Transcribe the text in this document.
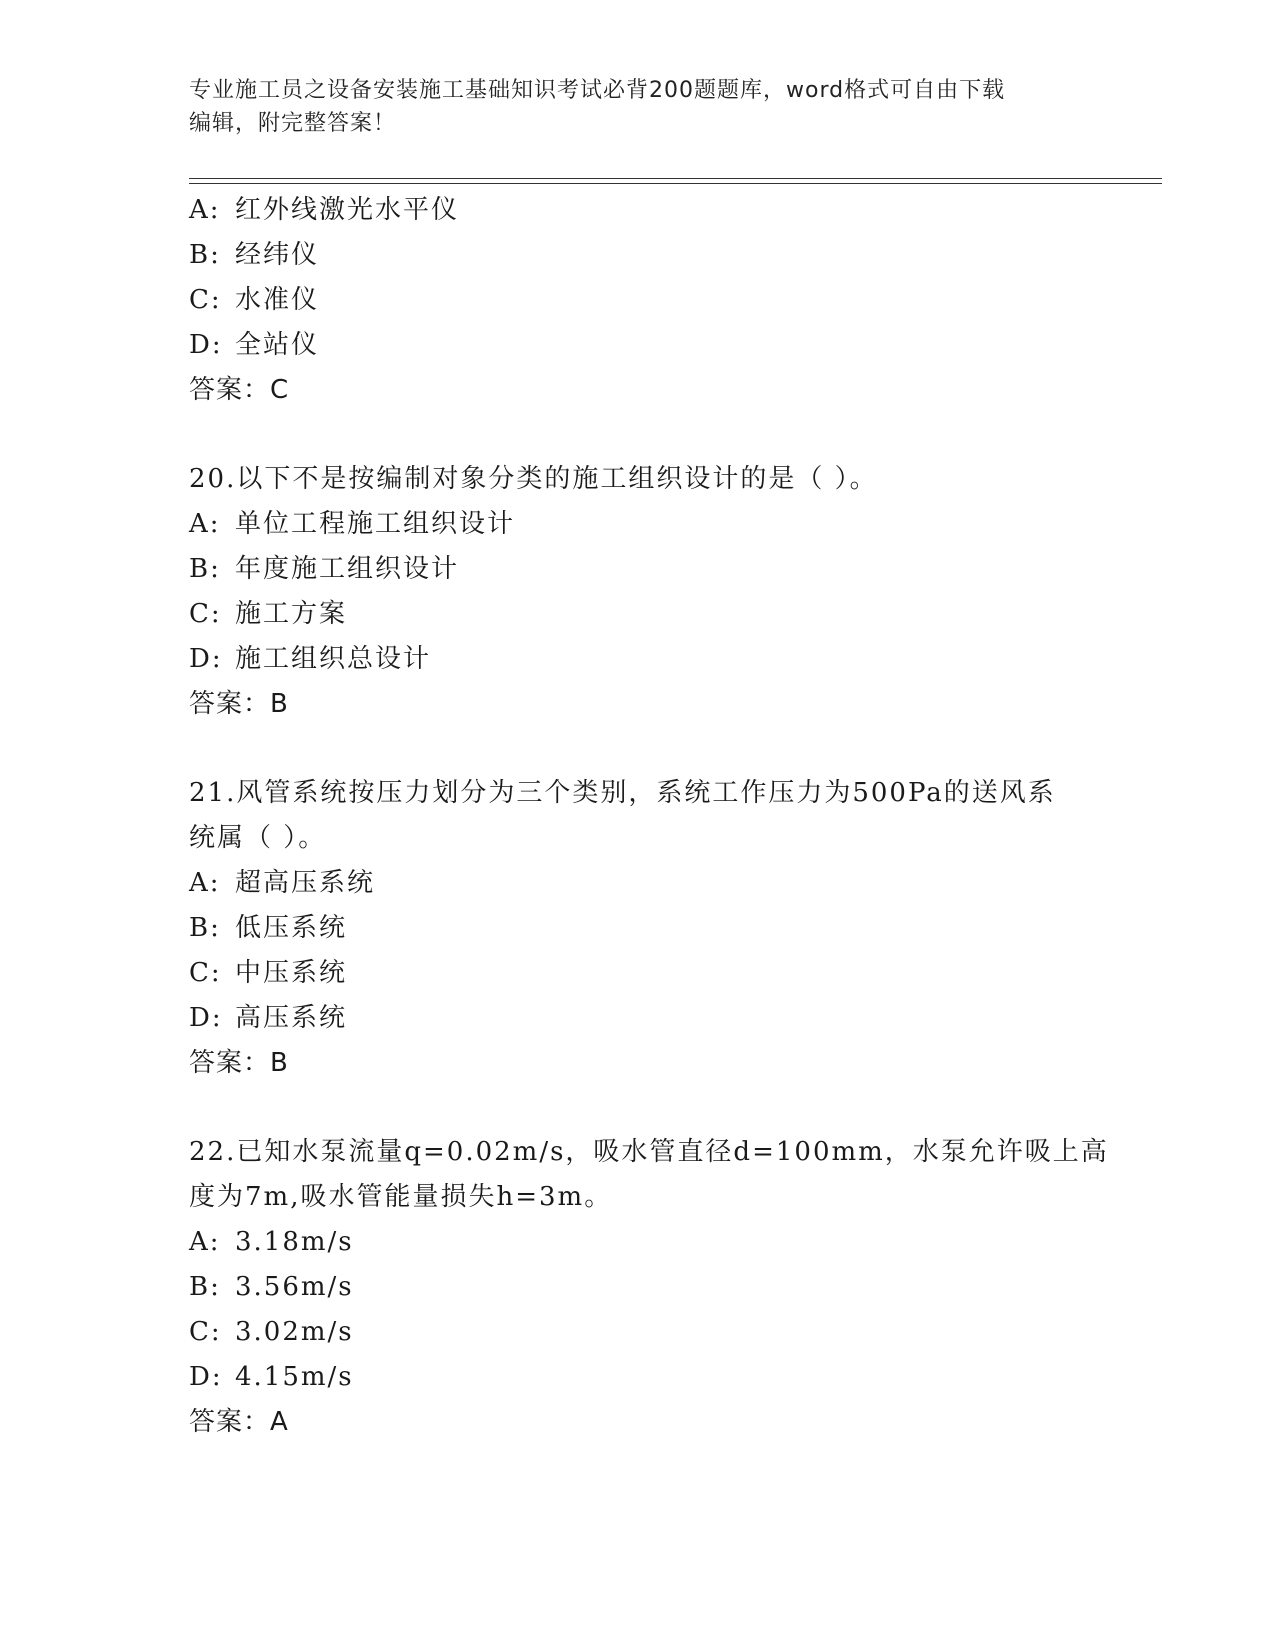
专业施工员之设备安装施工基础知识考试必背200题题库，word格式可自由下载
编辑，附完整答案！
A: 红外线激光水平仪
B: 经纬仪
C: 水准仪
D: 全站仪
答案：C
20.以下不是按编制对象分类的施工组织设计的是（ ）。
A: 单位工程施工组织设计
B: 年度施工组织设计
C: 施工方案
D: 施工组织总设计
答案：B
21.风管系统按压力划分为三个类别，系统工作压力为500Pa的送风系
统属（ ）。
A: 超高压系统
B: 低压系统
C: 中压系统
D: 高压系统
答案：B
22.已知水泵流量q=0.02m/s，吸水管直径d=100mm，水泵允许吸上高
度为7m,吸水管能量损失h=3m。
A: 3.18m/s
B: 3.56m/s
C: 3.02m/s
D: 4.15m/s
答案：A
